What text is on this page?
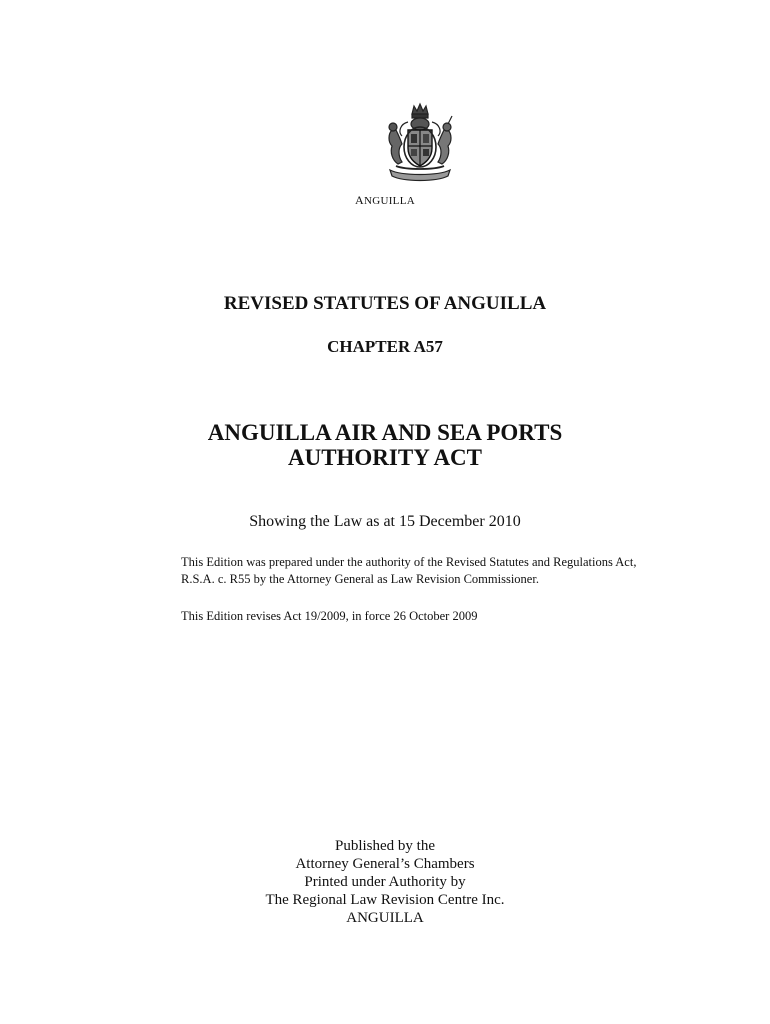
ANGUILLA
REVISED STATUTES OF ANGUILLA
CHAPTER A57
ANGUILLA AIR AND SEA PORTS
AUTHORITY ACT
Showing the Law as at 15 December 2010
This Edition was prepared under the authority of the Revised Statutes and Regulations Act,
R.S.A. c. R55 by the Attorney General as Law Revision Commissioner.
This Edition revises Act 19/2009, in force 26 October 2009
Published by the
Attorney General’s Chambers
Printed under Authority by
The Regional Law Revision Centre Inc.
ANGUILLA
